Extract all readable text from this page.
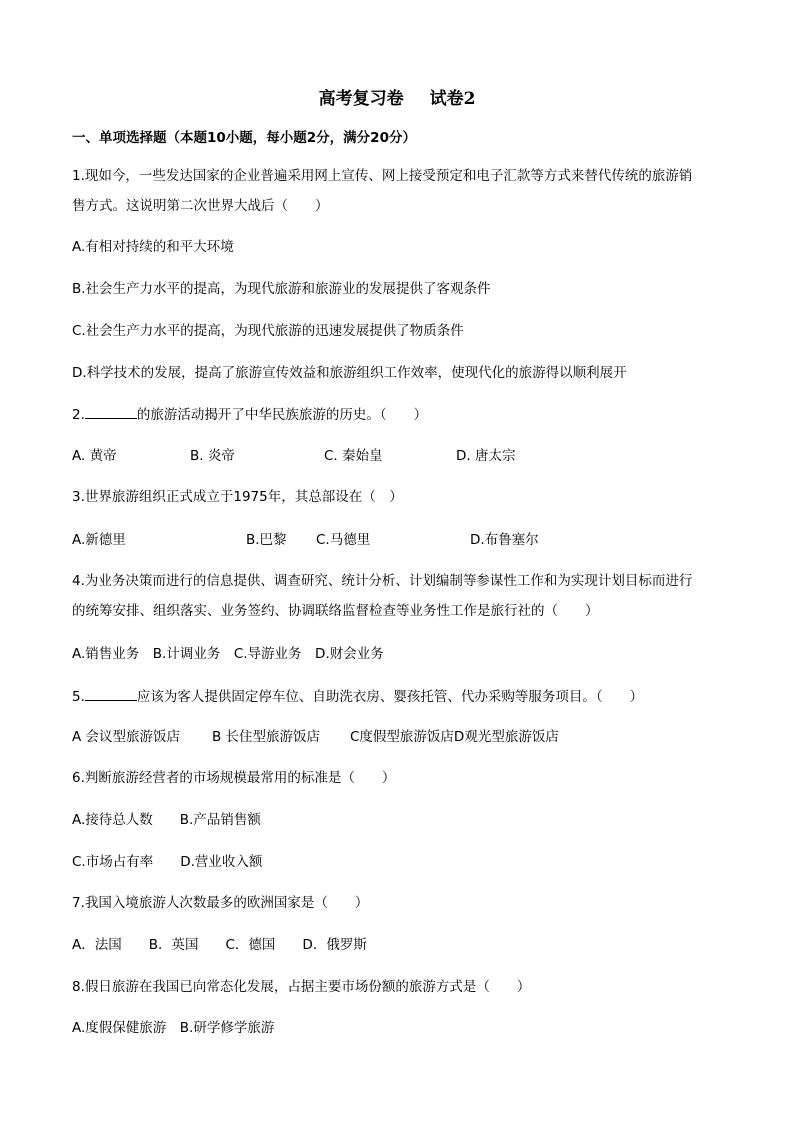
高考复习卷 试卷2
一、单项选择题（本题10小题，每小题2分，满分20分）
1.现如今，一些发达国家的企业普遍采用网上宣传、网上接受预定和电子汇款等方式来替代传统的旅游销
售方式。这说明第二次世界大战后（　　）
A.有相对持续的和平大环境
B.社会生产力水平的提高，为现代旅游和旅游业的发展提供了客观条件
C.社会生产力水平的提高，为现代旅游的迅速发展提供了物质条件
D.科学技术的发展，提高了旅游宣传效益和旅游组织工作效率，使现代化的旅游得以顺利展开
2.	的旅游活动揭开了中华民族旅游的历史。（　　）
A. 黄帝	B. 炎帝	C. 秦始皇	D. 唐太宗
3.世界旅游组织正式成立于1975年，其总部设在（　）
A.新德里	B.巴黎 C.马德里	D.布鲁塞尔
4.为业务决策而进行的信息提供、调查研究、统计分析、计划编制等参谋性工作和为实现计划目标而进行
的统筹安排、组织落实、业务签约、协调联络监督检查等业务性工作是旅行社的（　　）
A.销售业务　B.计调业务　C.导游业务　D.财会业务
5.	应该为客人提供固定停车位、自助洗衣房、婴孩托管、代办采购等服务项目。（　　）
A 会议型旅游饭店 B 长住型旅游饭店 C度假型旅游饭店D观光型旅游饭店
6.判断旅游经营者的市场规模最常用的标准是（　　）
A.接待总人数　　B.产品销售额
C.市场占有率　　D.营业收入额
7.我国入境旅游人次数最多的欧洲国家是（　　）
A．法国　　B．英国　　C．德国　　D．俄罗斯
8.假日旅游在我国已向常态化发展，占据主要市场份额的旅游方式是（　　）
A.度假保健旅游　B.研学修学旅游
